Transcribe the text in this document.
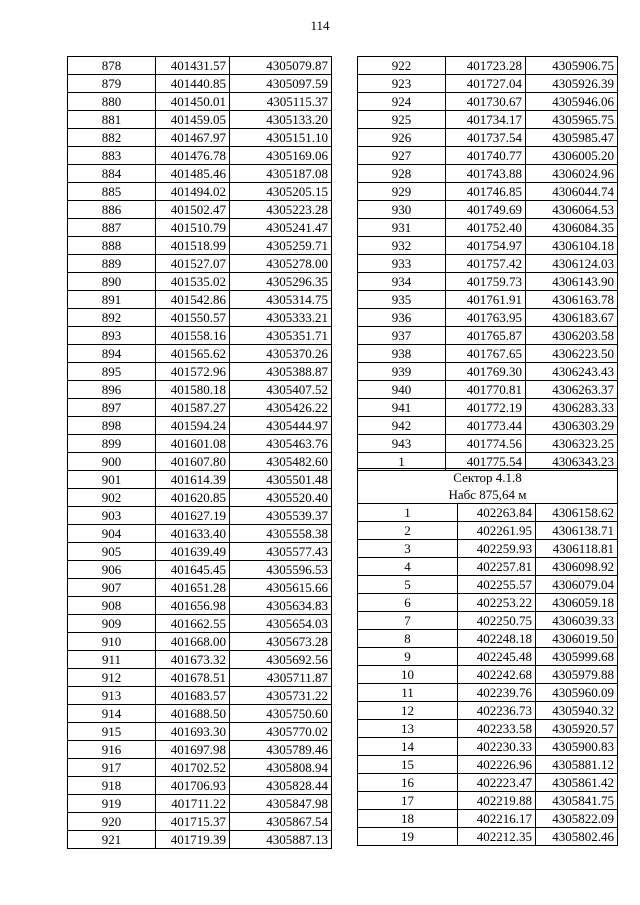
114
878	401431.57	4305079.87
879	401440.85	4305097.59
880	401450.01	4305115.37
881	401459.05	4305133.20
882	401467.97	4305151.10
883	401476.78	4305169.06
884	401485.46	4305187.08
885	401494.02	4305205.15
886	401502.47	4305223.28
887	401510.79	4305241.47
888	401518.99	4305259.71
889	401527.07	4305278.00
890	401535.02	4305296.35
891	401542.86	4305314.75
892	401550.57	4305333.21
893	401558.16	4305351.71
894	401565.62	4305370.26
895	401572.96	4305388.87
896	401580.18	4305407.52
897	401587.27	4305426.22
898	401594.24	4305444.97
899	401601.08	4305463.76
900	401607.80	4305482.60
901	401614.39	4305501.48
902	401620.85	4305520.40
903	401627.19	4305539.37
904	401633.40	4305558.38
905	401639.49	4305577.43
906	401645.45	4305596.53
907	401651.28	4305615.66
908	401656.98	4305634.83
909	401662.55	4305654.03
910	401668.00	4305673.28
911	401673.32	4305692.56
912	401678.51	4305711.87
913	401683.57	4305731.22
914	401688.50	4305750.60
915	401693.30	4305770.02
916	401697.98	4305789.46
917	401702.52	4305808.94
918	401706.93	4305828.44
919	401711.22	4305847.98
920	401715.37	4305867.54
921	401719.39	4305887.13
922	401723.28	4305906.75
923	401727.04	4305926.39
924	401730.67	4305946.06
925	401734.17	4305965.75
926	401737.54	4305985.47
927	401740.77	4306005.20
928	401743.88	4306024.96
929	401746.85	4306044.74
930	401749.69	4306064.53
931	401752.40	4306084.35
932	401754.97	4306104.18
933	401757.42	4306124.03
934	401759.73	4306143.90
935	401761.91	4306163.78
936	401763.95	4306183.67
937	401765.87	4306203.58
938	401767.65	4306223.50
939	401769.30	4306243.43
940	401770.81	4306263.37
941	401772.19	4306283.33
942	401773.44	4306303.29
943	401774.56	4306323.25
1	401775.54	4306343.23
Сектор 4.1.8		
Набс 875,64 м		
1	402263.84	4306158.62
2	402261.95	4306138.71
3	402259.93	4306118.81
4	402257.81	4306098.92
5	402255.57	4306079.04
6	402253.22	4306059.18
7	402250.75	4306039.33
8	402248.18	4306019.50
9	402245.48	4305999.68
10	402242.68	4305979.88
11	402239.76	4305960.09
12	402236.73	4305940.32
13	402233.58	4305920.57
14	402230.33	4305900.83
15	402226.96	4305881.12
16	402223.47	4305861.42
17	402219.88	4305841.75
18	402216.17	4305822.09
19	402212.35	4305802.46
